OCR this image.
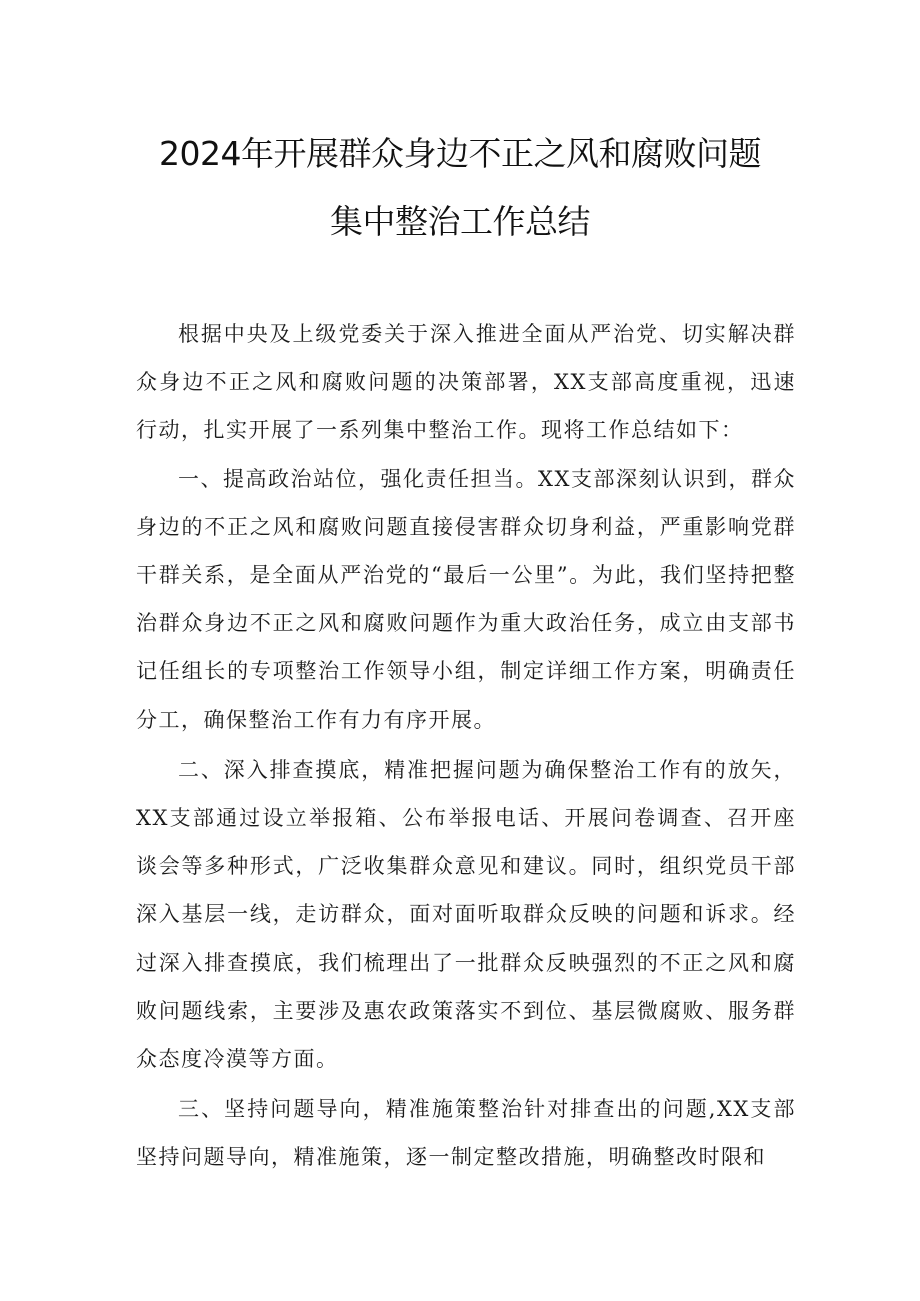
2024年开展群众身边不正之风和腐败问题
集中整治工作总结

根据中央及上级党委关于深入推进全面从严治党、切实解决群众身边不正之风和腐败问题的决策部署，XX支部高度重视，迅速行动，扎实开展了一系列集中整治工作。现将工作总结如下：

一、提高政治站位，强化责任担当。XX支部深刻认识到，群众身边的不正之风和腐败问题直接侵害群众切身利益，严重影响党群干群关系，是全面从严治党的“最后一公里”。为此，我们坚持把整治群众身边不正之风和腐败问题作为重大政治任务，成立由支部书记任组长的专项整治工作领导小组，制定详细工作方案，明确责任分工，确保整治工作有力有序开展。

二、深入排查摸底，精准把握问题为确保整治工作有的放矢，XX支部通过设立举报箱、公布举报电话、开展问卷调查、召开座谈会等多种形式，广泛收集群众意见和建议。同时，组织党员干部深入基层一线，走访群众，面对面听取群众反映的问题和诉求。经过深入排查摸底，我们梳理出了一批群众反映强烈的不正之风和腐败问题线索，主要涉及惠农政策落实不到位、基层微腐败、服务群众态度冷漠等方面。

三、坚持问题导向，精准施策整治针对排查出的问题,XX支部坚持问题导向，精准施策，逐一制定整改措施，明确整改时限和
